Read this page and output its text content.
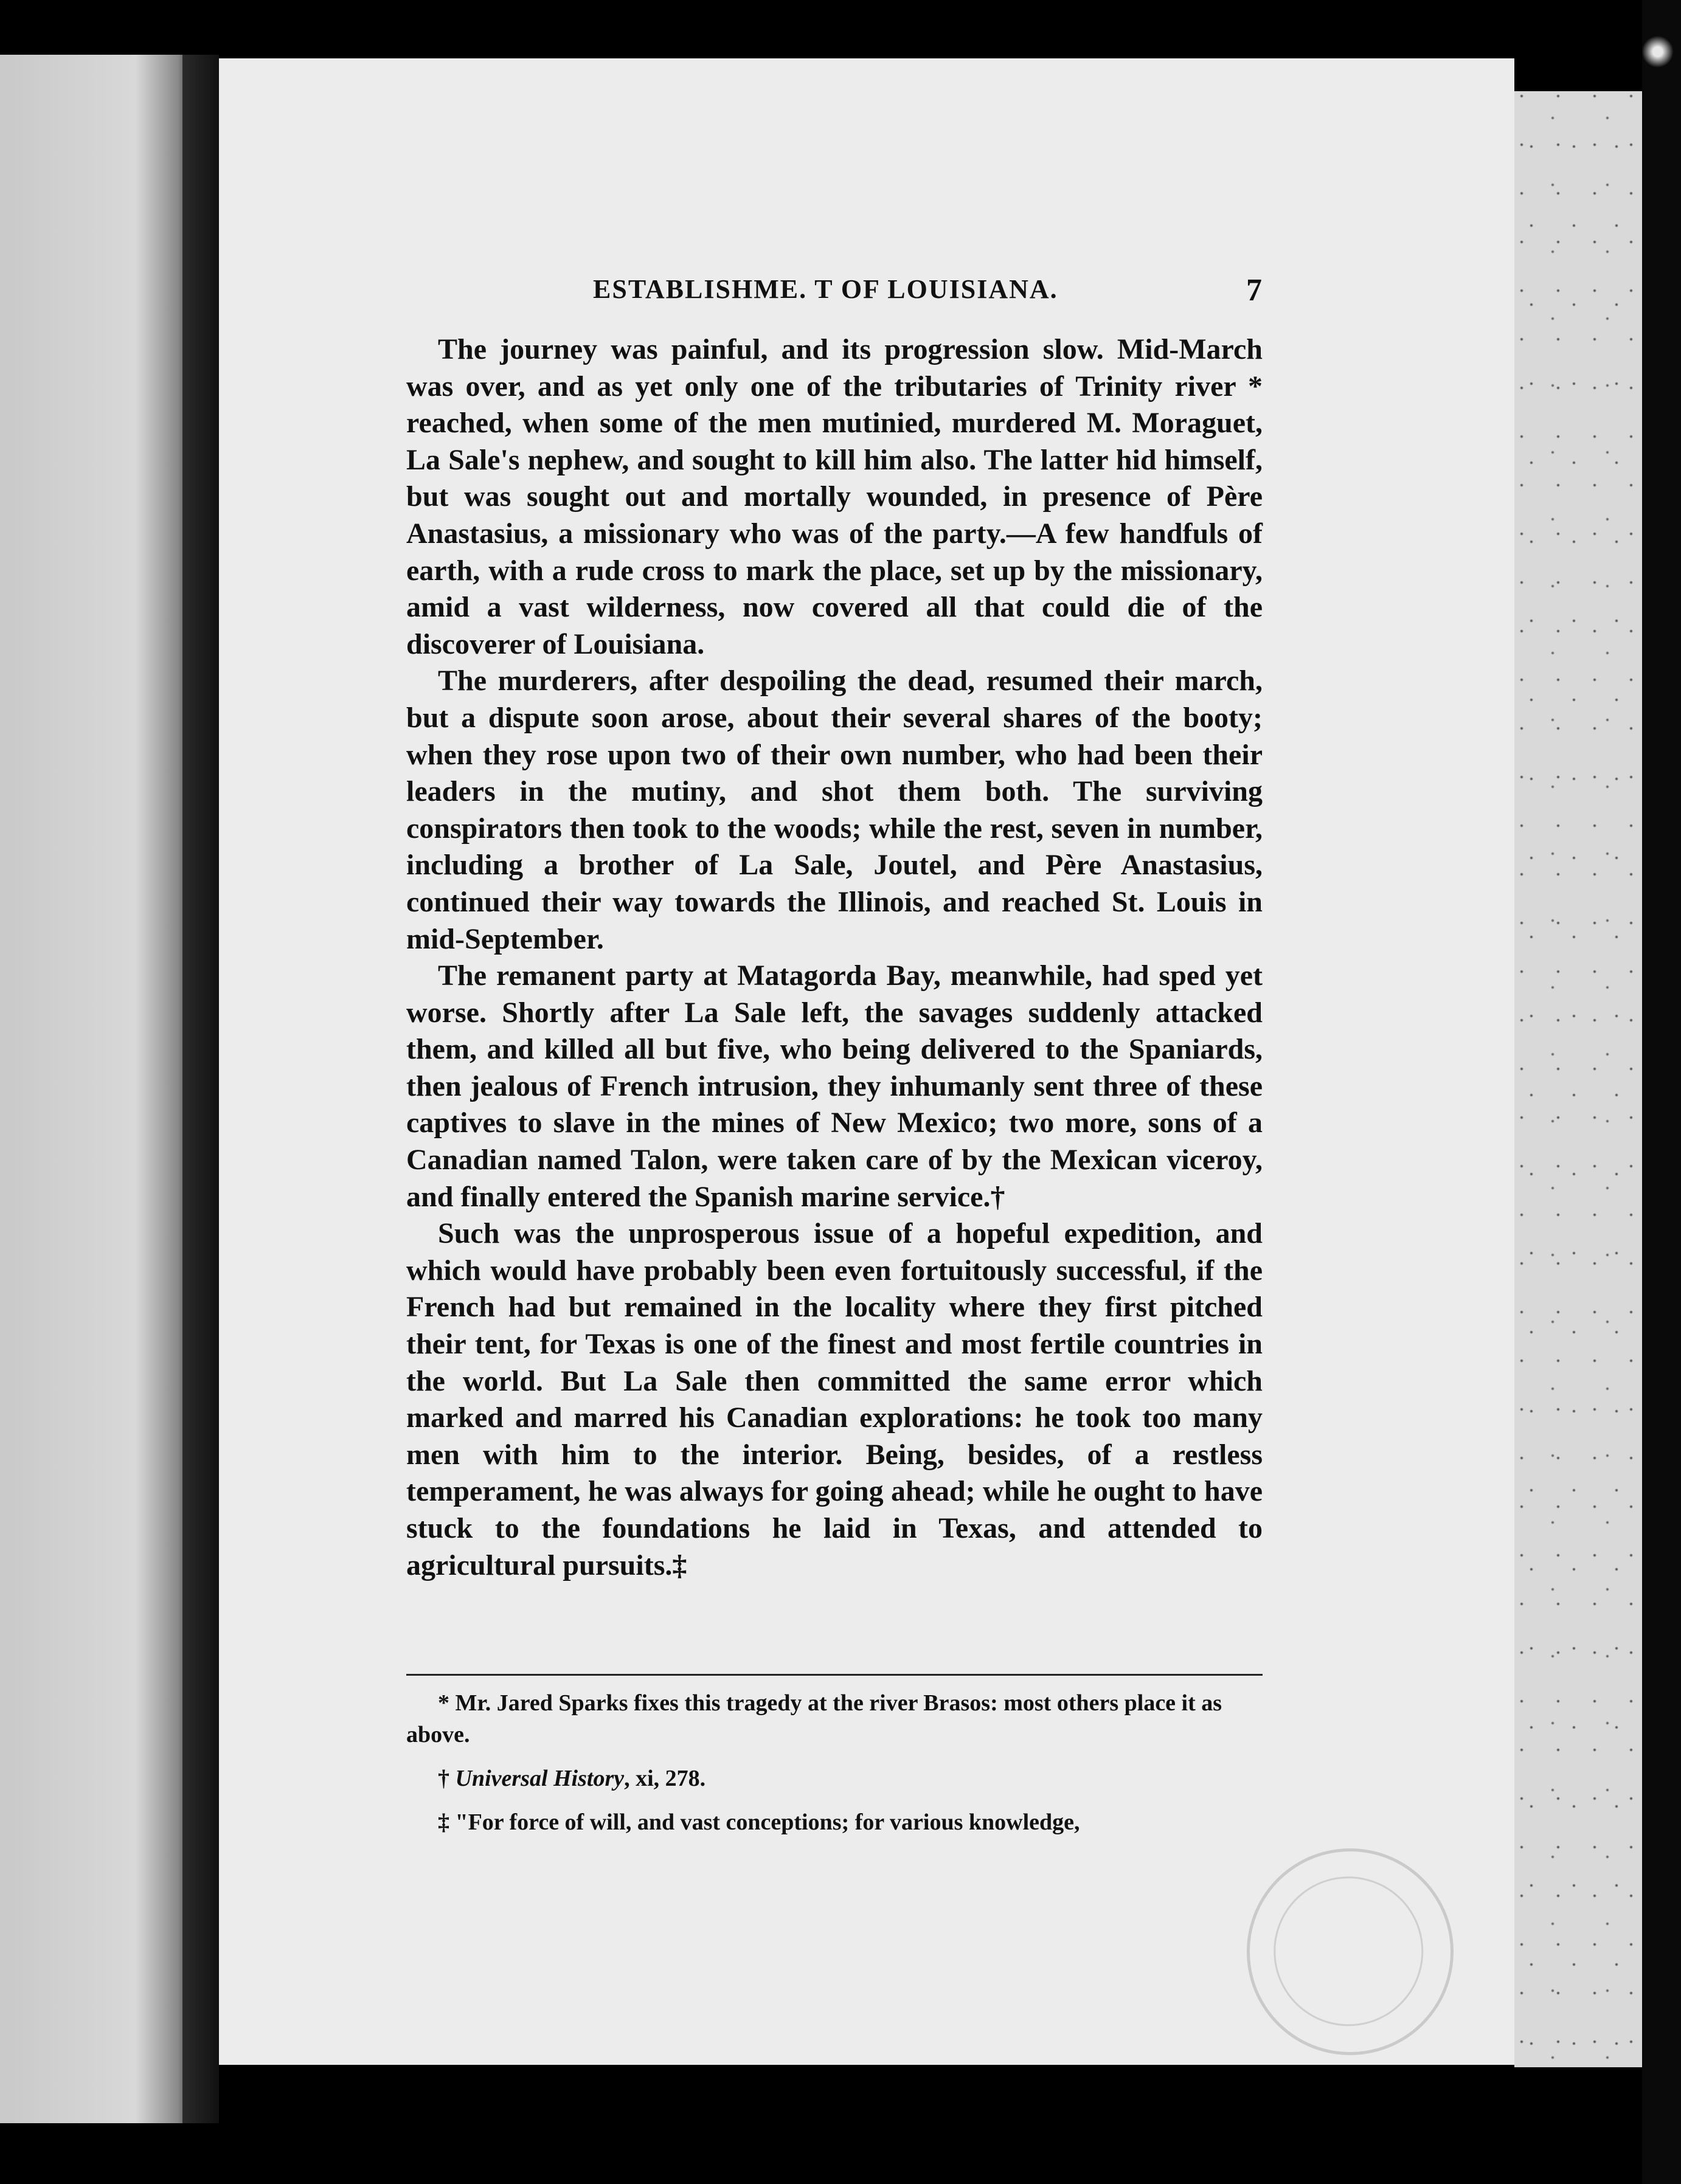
ESTABLISHME. T OF LOUISIANA.	7
The journey was painful, and its progression slow. Mid-March was over, and as yet only one of the tributaries of Trinity river * reached, when some of the men mutinied, murdered M. Moraguet, La Sale's nephew, and sought to kill him also. The latter hid himself, but was sought out and mortally wounded, in presence of Père Anastasius, a missionary who was of the party.—A few handfuls of earth, with a rude cross to mark the place, set up by the missionary, amid a vast wilderness, now covered all that could die of the discoverer of Louisiana.
The murderers, after despoiling the dead, resumed their march, but a dispute soon arose, about their several shares of the booty; when they rose upon two of their own number, who had been their leaders in the mutiny, and shot them both. The surviving conspirators then took to the woods; while the rest, seven in number, including a brother of La Sale, Joutel, and Père Anastasius, continued their way towards the Illinois, and reached St. Louis in mid-September.
The remanent party at Matagorda Bay, meanwhile, had sped yet worse. Shortly after La Sale left, the savages suddenly attacked them, and killed all but five, who being delivered to the Spaniards, then jealous of French intrusion, they inhumanly sent three of these captives to slave in the mines of New Mexico; two more, sons of a Canadian named Talon, were taken care of by the Mexican viceroy, and finally entered the Spanish marine service.†
Such was the unprosperous issue of a hopeful expedition, and which would have probably been even fortuitously successful, if the French had but remained in the locality where they first pitched their tent, for Texas is one of the finest and most fertile countries in the world. But La Sale then committed the same error which marked and marred his Canadian explorations: he took too many men with him to the interior. Being, besides, of a restless temperament, he was always for going ahead; while he ought to have stuck to the foundations he laid in Texas, and attended to agricultural pursuits.‡
* Mr. Jared Sparks fixes this tragedy at the river Brasos: most others place it as above.
† Universal History, xi, 278.
‡ "For force of will, and vast conceptions; for various knowledge,
